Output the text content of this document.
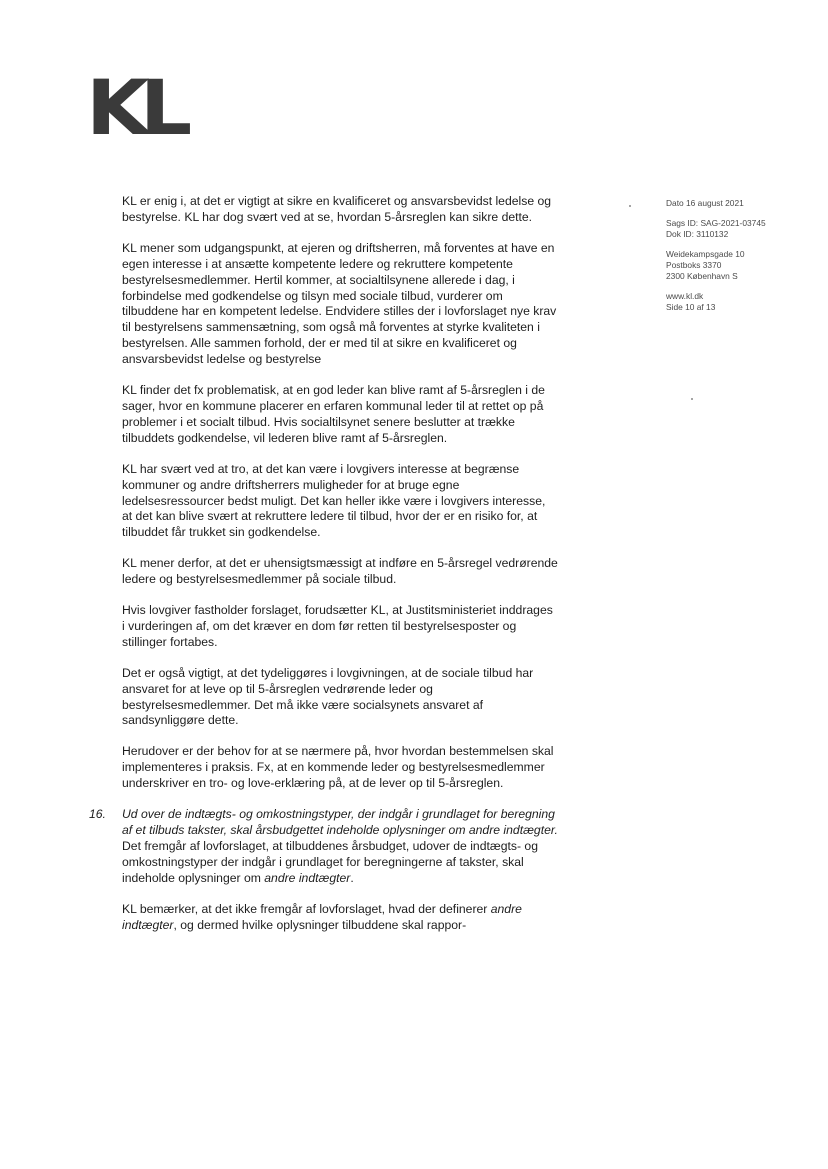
KL
Dato 16 august 2021
Sags ID: SAG-2021-03745
Dok ID: 3110132
Weidekampsgade 10
Postboks 3370
2300 København S
www.kl.dk
Side 10 af 13

KL er enig i, at det er vigtigt at sikre en kvalificeret og ansvarsbevidst ledelse og bestyrelse. KL har dog svært ved at se, hvordan 5-årsreglen kan sikre dette.

KL mener som udgangspunkt, at ejeren og driftsherren, må forventes at have en egen interesse i at ansætte kompetente ledere og rekruttere kompetente bestyrelsesmedlemmer. Hertil kommer, at socialtilsynene allerede i dag, i forbindelse med godkendelse og tilsyn med sociale tilbud, vurderer om tilbuddene har en kompetent ledelse. Endvidere stilles der i lovforslaget nye krav til bestyrelsens sammensætning, som også må forventes at styrke kvaliteten i bestyrelsen. Alle sammen forhold, der er med til at sikre en kvalificeret og ansvarsbevidst ledelse og bestyrelse

KL finder det fx problematisk, at en god leder kan blive ramt af 5-årsreglen i de sager, hvor en kommune placerer en erfaren kommunal leder til at rettet op på problemer i et socialt tilbud. Hvis socialtilsynet senere beslutter at trække tilbuddets godkendelse, vil lederen blive ramt af 5-årsreglen.

KL har svært ved at tro, at det kan være i lovgivers interesse at begrænse kommuner og andre driftsherrers muligheder for at bruge egne ledelsesressourcer bedst muligt. Det kan heller ikke være i lovgivers interesse, at det kan blive svært at rekruttere ledere til tilbud, hvor der er en risiko for, at tilbuddet får trukket sin godkendelse.

KL mener derfor, at det er uhensigtsmæssigt at indføre en 5-årsregel vedrørende ledere og bestyrelsesmedlemmer på sociale tilbud.

Hvis lovgiver fastholder forslaget, forudsætter KL, at Justitsministeriet inddrages i vurderingen af, om det kræver en dom før retten til bestyrelsesposter og stillinger fortabes.

Det er også vigtigt, at det tydeliggøres i lovgivningen, at de sociale tilbud har ansvaret for at leve op til 5-årsreglen vedrørende leder og bestyrelsesmedlemmer. Det må ikke være socialsynets ansvaret af sandsynliggøre dette.

Herudover er der behov for at se nærmere på, hvor hvordan bestemmelsen skal implementeres i praksis. Fx, at en kommende leder og bestyrelsesmedlemmer underskriver en tro- og love-erklæring på, at de lever op til 5-årsreglen.

16. Ud over de indtægts- og omkostningstyper, der indgår i grundlaget for beregning af et tilbuds takster, skal årsbudgettet indeholde oplysninger om andre indtægter.
Det fremgår af lovforslaget, at tilbuddenes årsbudget, udover de indtægts- og omkostningstyper der indgår i grundlaget for beregningerne af takster, skal indeholde oplysninger om andre indtægter.

KL bemærker, at det ikke fremgår af lovforslaget, hvad der definerer andre indtægter, og dermed hvilke oplysninger tilbuddene skal rappor-
